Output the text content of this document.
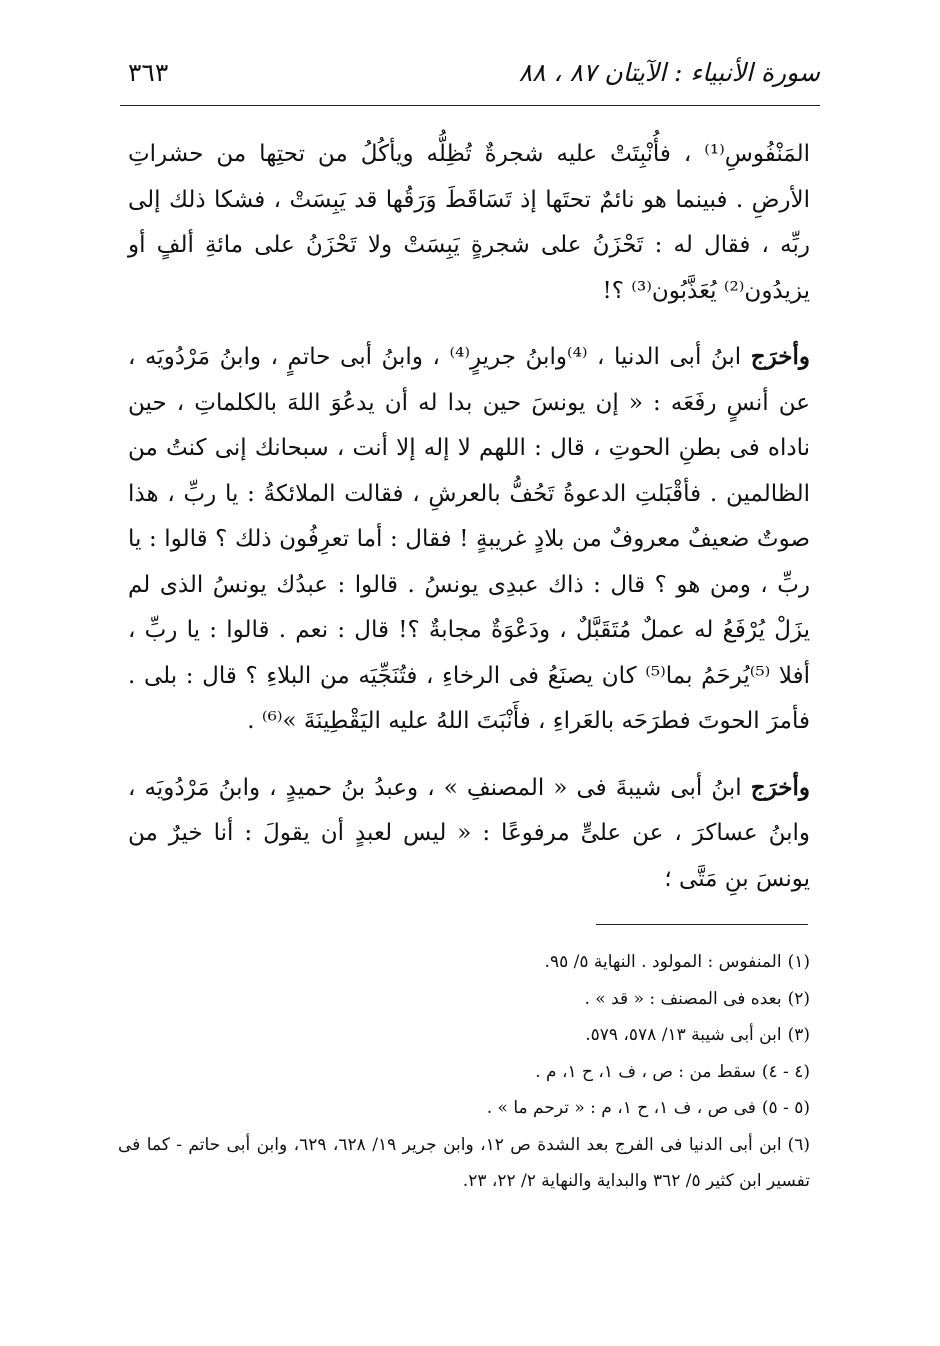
سورة الأنبياء : الآيتان ٨٧ ، ٨٨
٣٦٣

المَنْفُوسِ⁽¹⁾ ، فأُنْبِتَتْ عليه شجرةٌ تُظِلُّه ويأكُلُ من تحتِها من حشراتِ الأرضِ . فبينما هو نائمٌ تحتَها إذ تَسَاقَطَ وَرَقُها قد يَبِسَتْ ، فشكا ذلك إلى ربِّه ، فقال له : تَحْزَنُ على شجرةٍ يَبِسَتْ ولا تَحْزَنُ على مائةِ ألفٍ أو يزيدُون⁽²⁾ يُعَذَّبُون⁽³⁾ ؟!

وأخرَج ابنُ أبى الدنيا ، ⁽⁴⁾وابنُ جريرٍ⁽⁴⁾ ، وابنُ أبى حاتمٍ ، وابنُ مَرْدُويَه ، عن أنسٍ رفَعَه : « إن يونسَ حين بدا له أن يدعُوَ اللهَ بالكلماتِ ، حين ناداه فى بطنِ الحوتِ ، قال : اللهم لا إله إلا أنت ، سبحانك إنى كنتُ من الظالمين . فأقْبَلتِ الدعوةُ تَحُفُّ بالعرشِ ، فقالت الملائكةُ : يا ربِّ ، هذا صوتٌ ضعيفٌ معروفٌ من بلادٍ غريبةٍ ! فقال : أما تعرِفُون ذلك ؟ قالوا : يا ربِّ ، ومن هو ؟ قال : ذاك عبدِى يونسُ . قالوا : عبدُك يونسُ الذى لم يزَلْ يُرْفَعُ له عملٌ مُتَقَبَّلٌ ، ودَعْوَةٌ مجابةٌ ؟! قال : نعم . قالوا : يا ربِّ ، أفلا ⁽⁵⁾يُرحَمُ بما⁽⁵⁾ كان يصنَعُ فى الرخاءِ ، فتُنَجِّيَه من البلاءِ ؟ قال : بلى . فأمرَ الحوتَ فطرَحَه بالعَراءِ ، فأَنْبَتَ اللهُ عليه اليَقْطِينَةَ »⁽⁶⁾ .

وأخرَج ابنُ أبى شيبةَ فى « المصنفِ » ، وعبدُ بنُ حميدٍ ، وابنُ مَرْدُويَه ، وابنُ عساكرَ ، عن علىٍّ مرفوعًا : « ليس لعبدٍ أن يقولَ : أنا خيرٌ من يونسَ بنِ مَتَّى ؛

(١)المنفوس : المولود . النهاية ٥/ ٩٥.

(٢)بعده فى المصنف : « قد » .

(٣)ابن أبى شيبة ١٣/ ٥٧٨، ٥٧٩.

(٤ - ٤)سقط من : ص ، ف ١، ح ١، م .

(٥ - ٥)فى ص ، ف ١، ح ١، م : « ترحم ما » .

(٦)ابن أبى الدنيا فى الفرج بعد الشدة ص ١٢، وابن جرير ١٩/ ٦٢٨، ٦٢٩، وابن أبى حاتم - كما فى تفسير ابن كثير ٥/ ٣٦٢ والبداية والنهاية ٢/ ٢٢، ٢٣.
